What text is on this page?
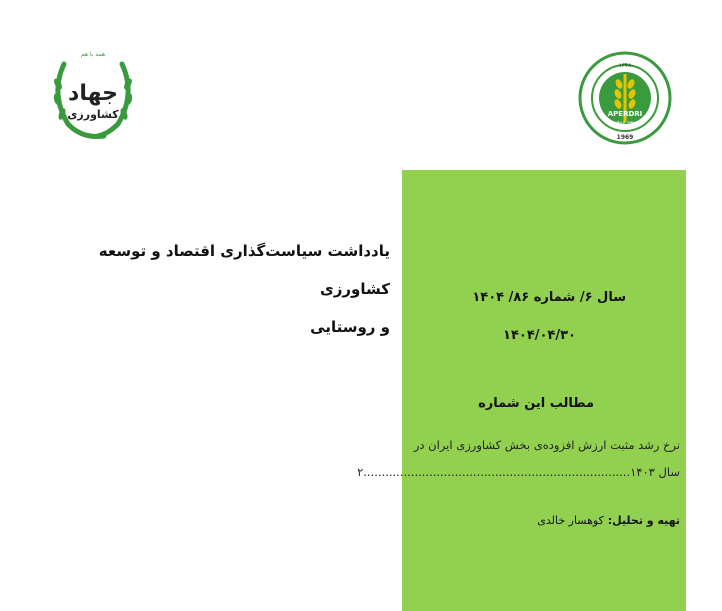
همه با هم
جهاد
کشاورزی
۱۴۰۳
۱۳۴۸
APERDRI
موسسه پژوهش‌ها
1969
یادداشت سیاست‌گذاری اقتصاد و توسعه کشاورزی
و روستایی
سال ۶/ شماره ۸۶/ ۱۴۰۴
۱۴۰۴/۰۴/۳۰
مطالب این شماره
نرخ رشد مثبت ارزش افزوده‌ی بخش کشاورزی ایران در
سال ۱۴۰۳.........................................................................۲
تهیه و تحلیل: کوهسار خالدی
